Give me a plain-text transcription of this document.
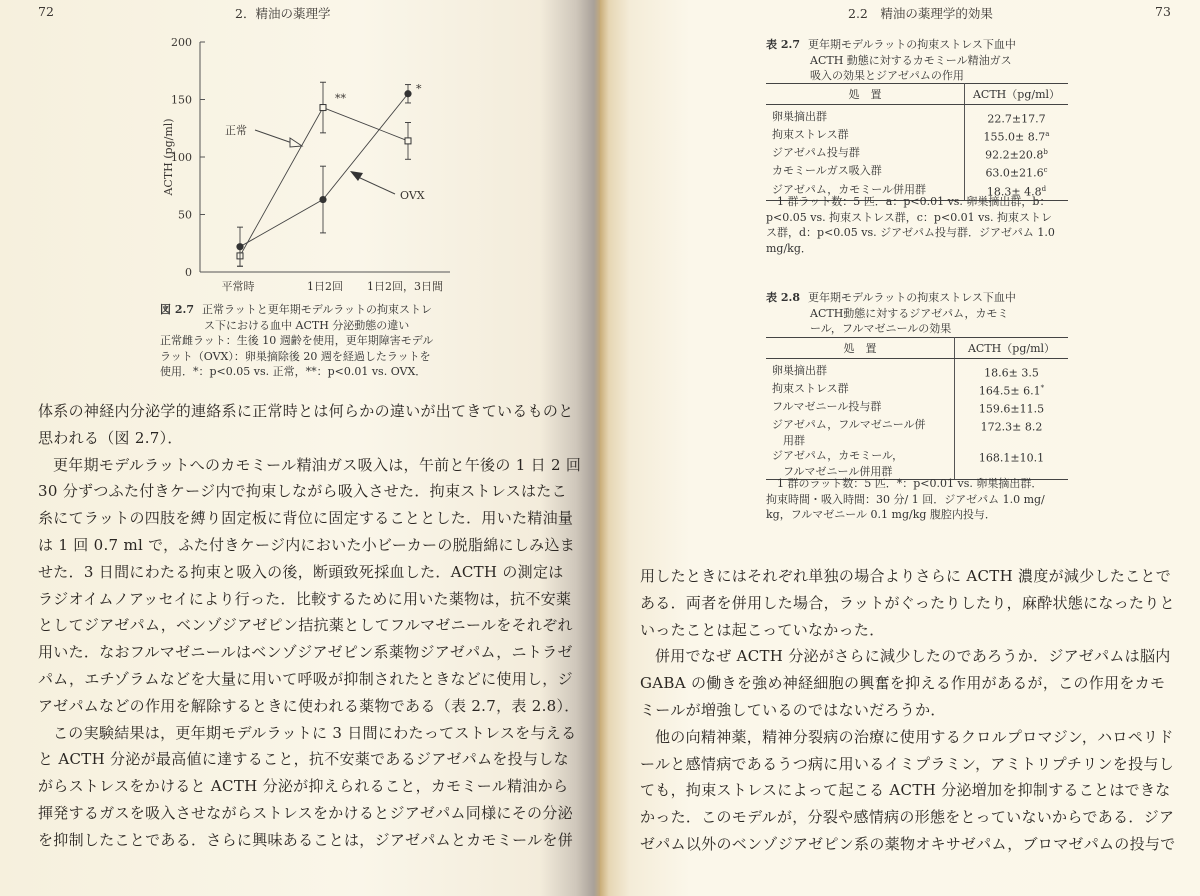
72	2．精油の薬理学
0
50
100
150
200
ACTH (pg/ml)
平常時	1日2回 1日2回，3日間
**
*
正常
OVX
図 2.7 正常ラットと更年期モデルラットの拘束ストレ
ス下における血中 ACTH 分泌動態の違い
正常雌ラット：生後 10 週齢を使用，更年期障害モデル
ラット（OVX）：卵巣摘除後 20 週を経過したラットを
使用．*：p<0.05 vs. 正常，**：p<0.01 vs. OVX．

体系の神経内分泌学的連絡系に正常時とは何らかの違いが出てきているものと
思われる（図 2.7）．

更年期モデルラットへのカモミール精油ガス吸入は，午前と午後の 1 日 2 回
30 分ずつふた付きケージ内で拘束しながら吸入させた．拘束ストレスはたこ
糸にてラットの四肢を縛り固定板に背位に固定することとした．用いた精油量
は 1 回 0.7 ml で，ふた付きケージ内においた小ビーカーの脱脂綿にしみ込ま
せた．3 日間にわたる拘束と吸入の後，断頭致死採血した．ACTH の測定は
ラジオイムノアッセイにより行った．比較するために用いた薬物は，抗不安薬
としてジアゼパム，ベンゾジアゼピン拮抗薬としてフルマゼニールをそれぞれ
用いた．なおフルマゼニールはベンゾジアゼピン系薬物ジアゼパム，ニトラゼ
パム，エチゾラムなどを大量に用いて呼吸が抑制されたときなどに使用し，ジ
アゼパムなどの作用を解除するときに使われる薬物である（表 2.7，表 2.8）．

この実験結果は，更年期モデルラットに 3 日間にわたってストレスを与える
と ACTH 分泌が最高値に達すること，抗不安薬であるジアゼパムを投与しな
がらストレスをかけると ACTH 分泌が抑えられること，カモミール精油から
揮発するガスを吸入させながらストレスをかけるとジアゼパム同様にその分泌
を抑制したことである．さらに興味あることは，ジアゼパムとカモミールを併

2.2　精油の薬理学的効果	73
表 2.7 更年期モデルラットの拘束ストレス下血中
ACTH 動態に対するカモミール精油ガス
吸入の効果とジアゼパムの作用
処　置	ACTH（pg/ml）

卵巣摘出群	22.7±17.7

拘束ストレス群	155.0± 8.7$^a$

ジアゼパム投与群	92.2±20.8$^b$

カモミールガス吸入群	63.0±21.6$^c$

ジアゼパム，カモミール併用群	18.3± 4.8$^d$
1 群ラット数：5 匹．a：p<0.01 vs. 卵巣摘出群，b：
p<0.05 vs. 拘束ストレス群，c：p<0.01 vs. 拘束ストレ
ス群，d：p<0.05 vs. ジアゼパム投与群．ジアゼパム 1.0
mg/kg．
表 2.8 更年期モデルラットの拘束ストレス下血中
ACTH動態に対するジアゼパム，カモミ
ール，フルマゼニールの効果
処　置	ACTH（pg/ml）

卵巣摘出群	18.6± 3.5

拘束ストレス群	164.5± 6.1*

フルマゼニール投与群	159.6±11.5

ジアゼパム，フルマゼニール併
　用群	172.3± 8.2

ジアゼパム，カモミール，
　フルマゼニール併用群	168.1±10.1
1 群のラット数：5 匹．*：p<0.01 vs. 卵巣摘出群．
拘束時間・吸入時間：30 分/ 1 回．ジアゼパム 1.0 mg/
kg，フルマゼニール 0.1 mg/kg 腹腔内投与．

用したときにはそれぞれ単独の場合よりさらに ACTH 濃度が減少したことで
ある．両者を併用した場合，ラットがぐったりしたり，麻酔状態になったりと
いったことは起こっていなかった．

併用でなぜ ACTH 分泌がさらに減少したのであろうか．ジアゼパムは脳内
GABA の働きを強め神経細胞の興奮を抑える作用があるが，この作用をカモ
ミールが増強しているのではないだろうか．

他の向精神薬，精神分裂病の治療に使用するクロルプロマジン，ハロペリド
ールと感情病であるうつ病に用いるイミプラミン，アミトリプチリンを投与し
ても，拘束ストレスによって起こる ACTH 分泌増加を抑制することはできな
かった．このモデルが，分裂や感情病の形態をとっていないからである．ジア
ゼパム以外のベンゾジアゼピン系の薬物オキサゼパム，ブロマゼパムの投与で
